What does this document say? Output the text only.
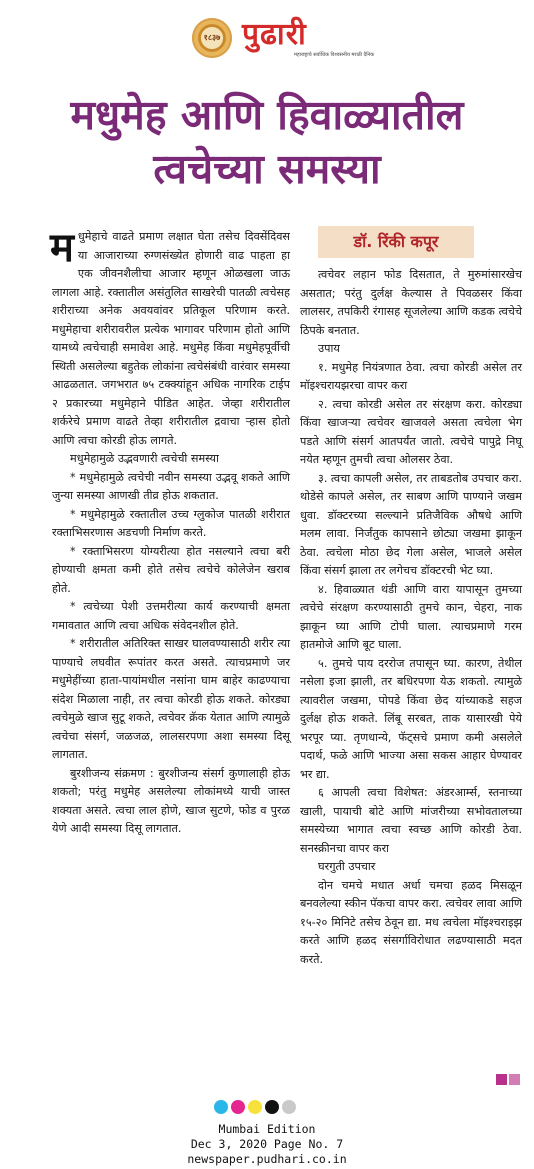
१८३७ पुढारी
महाराष्ट्राचे सर्वाधिक विश्वसनीय मराठी दैनिक
मधुमेह आणि हिवाळ्यातील
त्वचेच्या समस्या
डॉ. रिंकी कपूर

मधुमेहाचे वाढते प्रमाण लक्षात घेता तसेच दिवसेंदिवस या आजाराच्या रुग्णसंख्येत होणारी वाढ पाहता हा एक जीवनशैलीचा आजार म्हणून ओळखला जाऊ लागला आहे. रक्तातील असंतुलित साखरेची पातळी त्वचेसह शरीराच्या अनेक अवयवांवर प्रतिकूल परिणाम करते. मधुमेहाचा शरीरावरील प्रत्येक भागावर परिणाम होतो आणि यामध्ये त्वचेचाही समावेश आहे. मधुमेह किंवा मधुमेहपूर्वीची स्थिती असलेल्या बहुतेक लोकांना त्वचेसंबंधी वारंवार समस्या आढळतात. जगभरात ७५ टक्क्यांहून अधिक नागरिक टाईप २ प्रकारच्या मधुमेहाने पीडित आहेत. जेव्हा शरीरातील शर्करेचे प्रमाण वाढते तेव्हा शरीरातील द्रवाचा ऱ्हास होतो आणि त्वचा कोरडी होऊ लागते.

मधुमेहामुळे उद्भवणारी त्वचेची समस्या

* मधुमेहामुळे त्वचेची नवीन समस्या उद्भवू शकते आणि जुन्या समस्या आणखी तीव्र होऊ शकतात.

* मधुमेहामुळे रक्तातील उच्च ग्लुकोज पातळी शरीरात रक्ताभिसरणास अडचणी निर्माण करते.

* रक्ताभिसरण योग्यरीत्या होत नसल्याने त्वचा बरी होण्याची क्षमता कमी होते तसेच त्वचेचे कोलेजेन खराब होते.

* त्वचेच्या पेशी उत्तमरीत्या कार्य करण्याची क्षमता गमावतात आणि त्वचा अधिक संवेदनशील होते.

* शरीरातील अतिरिक्त साखर घालवण्यासाठी शरीर त्या पाण्याचे लघवीत रूपांतर करत असते. त्याचप्रमाणे जर मधुमेहींच्या हाता-पायांमधील नसांना घाम बाहेर काढण्याचा संदेश मिळाला नाही, तर त्वचा कोरडी होऊ शकते. कोरड्या त्वचेमुळे खाज सुटू शकते, त्वचेवर क्रॅक येतात आणि त्यामुळे त्वचेचा संसर्ग, जळजळ, लालसरपणा अशा समस्या दिसू लागतात.

बुरशीजन्य संक्रमण : बुरशीजन्य संसर्ग कुणालाही होऊ शकतो; परंतु मधुमेह असलेल्या लोकांमध्ये याची जास्त शक्यता असते. त्वचा लाल होणे, खाज सुटणे, फोड व पुरळ येणे आदी समस्या दिसू लागतात.

त्वचेवर लहान फोड दिसतात, ते मुरुमांसारखेच असतात; परंतु दुर्लक्ष केल्यास ते पिवळसर किंवा लालसर, तपकिरी रंगासह सूजलेल्या आणि कडक त्वचेचे ठिपके बनतात.

उपाय

१. मधुमेह नियंत्रणात ठेवा. त्वचा कोरडी असेल तर मॉइश्चरायझरचा वापर करा

२. त्वचा कोरडी असेल तर संरक्षण करा. कोरड्या किंवा खाजऱ्या त्वचेवर खाजवले असता त्वचेला भेग पडते आणि संसर्ग आतपर्यंत जातो. त्वचेचे पापुद्रे निघू नयेत म्हणून तुमची त्वचा ओलसर ठेवा.

३. त्वचा कापली असेल, तर ताबडतोब उपचार करा. थोडेसे कापले असेल, तर साबण आणि पाण्याने जखम धुवा. डॉक्टरच्या सल्ल्याने प्रतिजैविक औषधे आणि मलम लावा. निर्जंतुक कापसाने छोट्या जखमा झाकून ठेवा. त्वचेला मोठा छेद गेला असेल, भाजले असेल किंवा संसर्ग झाला तर लगेचच डॉक्टरची भेट घ्या.

४. हिवाळ्यात थंडी आणि वारा यापासून तुमच्या त्वचेचे संरक्षण करण्यासाठी तुमचे कान, चेहरा, नाक झाकून घ्या आणि टोपी घाला. त्याचप्रमाणे गरम हातमोजे आणि बूट घाला.

५. तुमचे पाय दररोज तपासून घ्या. कारण, तेथील नसेला इजा झाली, तर बधिरपणा येऊ शकतो. त्यामुळे त्यावरील जखमा, पोपडे किंवा छेद यांच्याकडे सहज दुर्लक्ष होऊ शकते. लिंबू सरबत, ताक यासारखी पेये भरपूर प्या. तृणधान्ये, फॅट्सचे प्रमाण कमी असलेले पदार्थ, फळे आणि भाज्या असा सकस आहार घेण्यावर भर द्या.

६ आपली त्वचा विशेषत: अंडरआर्म्स, स्तनाच्या खाली, पायाची बोटे आणि मांजरीच्या सभोवतालच्या समस्येच्या भागात त्वचा स्वच्छ आणि कोरडी ठेवा. सनस्क्रीनचा वापर करा

घरगुती उपचार

दोन चमचे मधात अर्धा चमचा हळद मिसळून बनवलेल्या स्कीन पॅकचा वापर करा. त्वचेवर लावा आणि १५-२० मिनिटे तसेच ठेवून द्या. मध त्वचेला मॉइश्चराइझ करते आणि हळद संसर्गाविरोधात लढण्यासाठी मदत करते.

Mumbai Edition
Dec 3, 2020 Page No. 7
newspaper.pudhari.co.in
